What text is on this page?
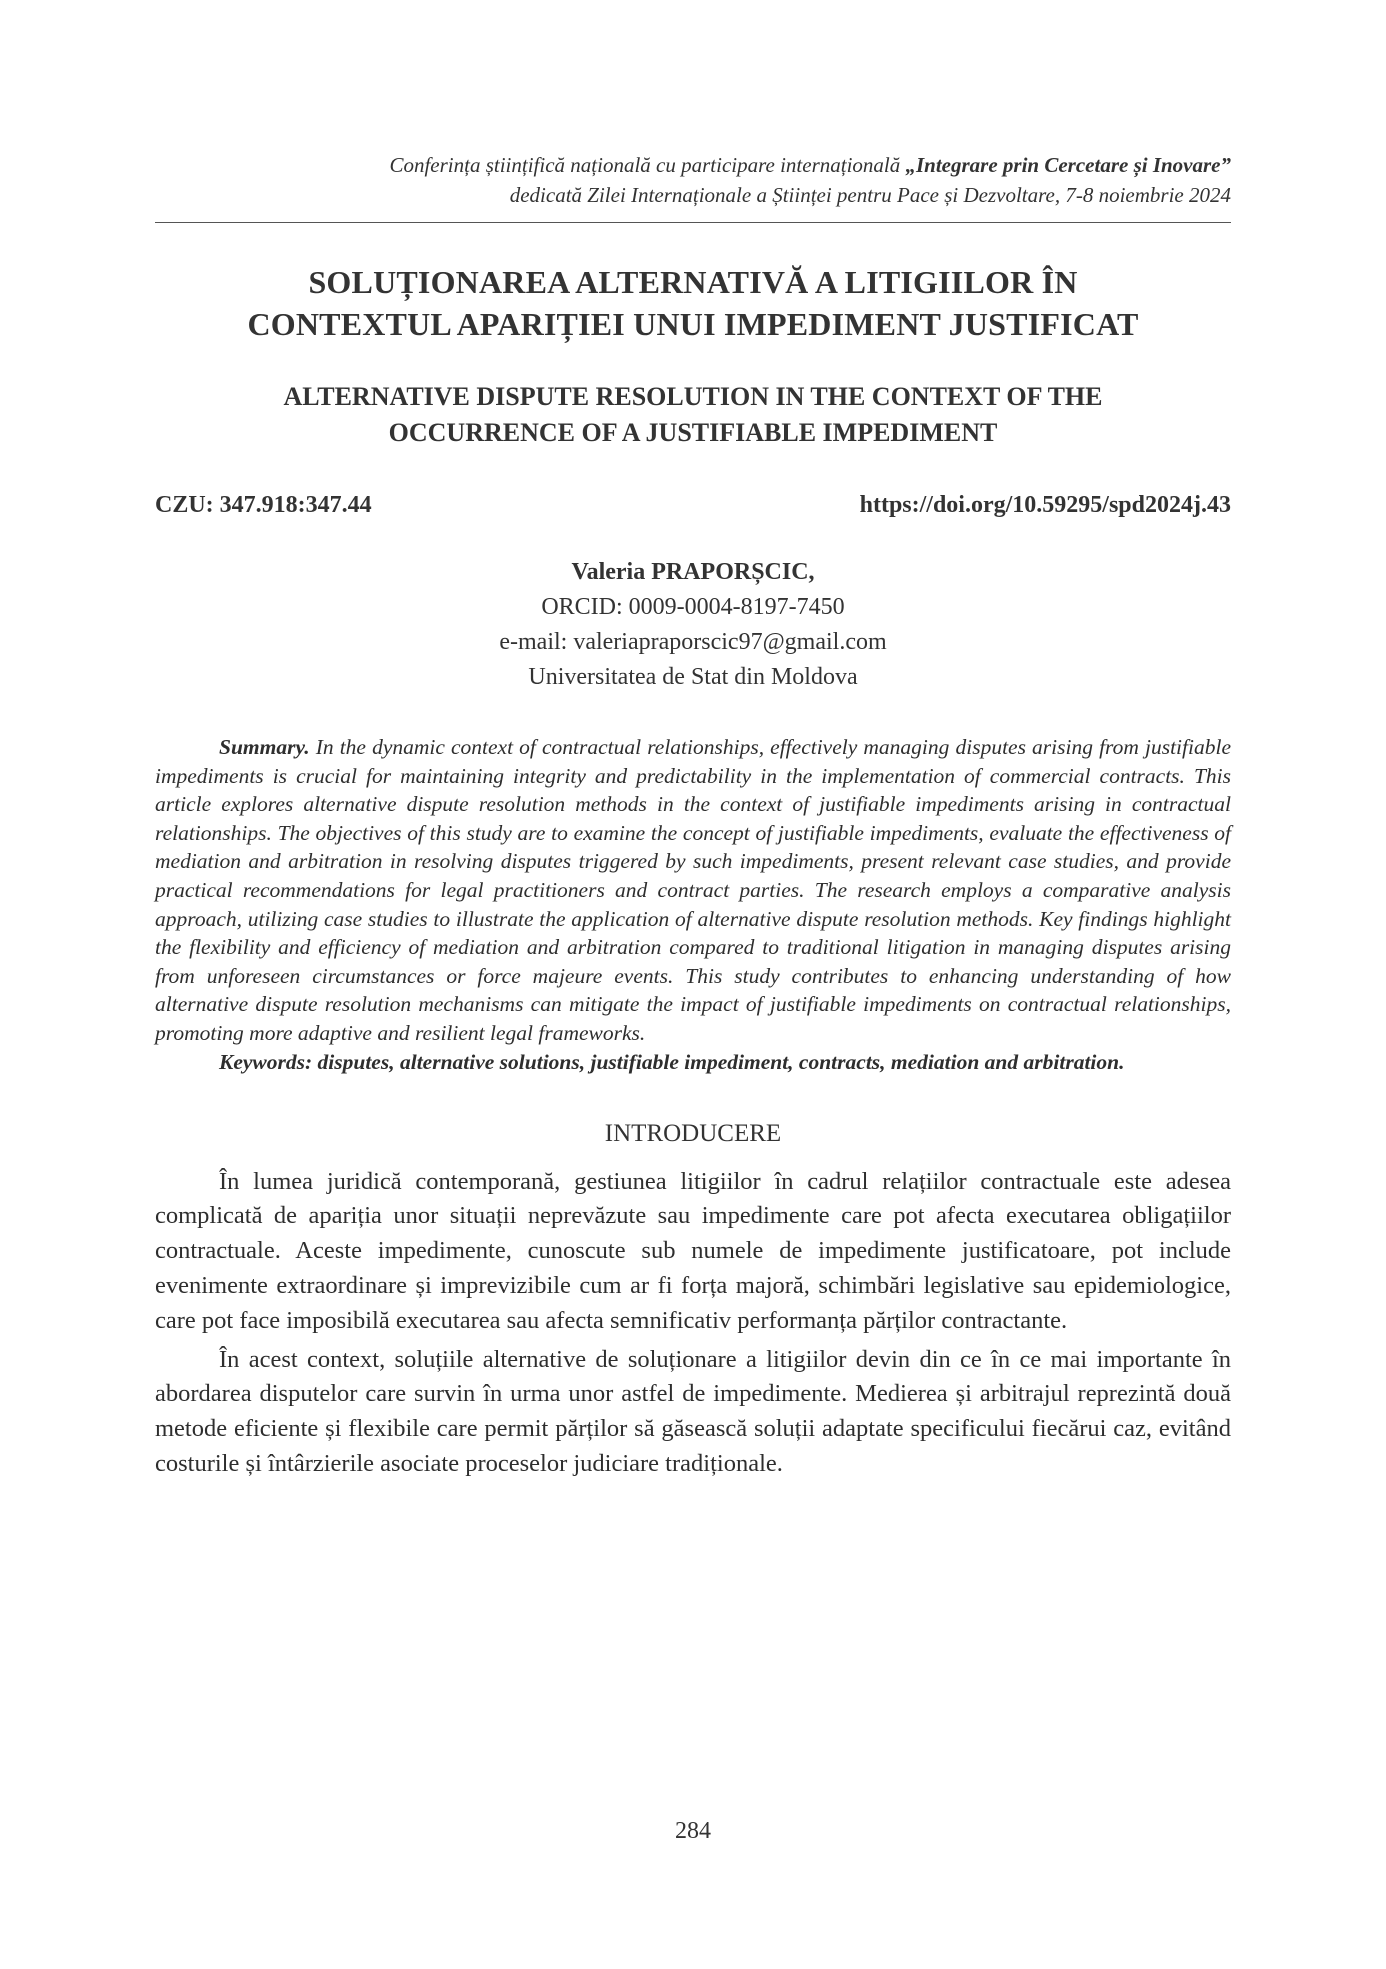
Conferința științifică națională cu participare internațională „Integrare prin Cercetare și Inovare”
dedicată Zilei Internaționale a Științei pentru Pace și Dezvoltare, 7-8 noiembrie 2024
SOLUȚIONAREA ALTERNATIVĂ A LITIGIILOR ÎN
CONTEXTUL APARIȚIEI UNUI IMPEDIMENT JUSTIFICAT
ALTERNATIVE DISPUTE RESOLUTION IN THE CONTEXT OF THE
OCCURRENCE OF A JUSTIFIABLE IMPEDIMENT
CZU: 347.918:347.44	https://doi.org/10.59295/spd2024j.43
Valeria PRAPORȘCIC,
ORCID: 0009-0004-8197-7450
e-mail: valeriapraporscic97@gmail.com
Universitatea de Stat din Moldova
Summary. In the dynamic context of contractual relationships, effectively managing disputes arising from justifiable impediments is crucial for maintaining integrity and predictability in the implementation of commercial contracts. This article explores alternative dispute resolution methods in the context of justifiable impediments arising in contractual relationships. The objectives of this study are to examine the concept of justifiable impediments, evaluate the effectiveness of mediation and arbitration in resolving disputes triggered by such impediments, present relevant case studies, and provide practical recommendations for legal practitioners and contract parties. The research employs a comparative analysis approach, utilizing case studies to illustrate the application of alternative dispute resolution methods. Key findings highlight the flexibility and efficiency of mediation and arbitration compared to traditional litigation in managing disputes arising from unforeseen circumstances or force majeure events. This study contributes to enhancing understanding of how alternative dispute resolution mechanisms can mitigate the impact of justifiable impediments on contractual relationships, promoting more adaptive and resilient legal frameworks.
Keywords: disputes, alternative solutions, justifiable impediment, contracts, mediation and arbitration.
INTRODUCERE
În lumea juridică contemporană, gestiunea litigiilor în cadrul relațiilor contractuale este adesea complicată de apariția unor situații neprevăzute sau impedimente care pot afecta executarea obligațiilor contractuale. Aceste impedimente, cunoscute sub numele de impedimente justificatoare, pot include evenimente extraordinare și imprevizibile cum ar fi forța majoră, schimbări legislative sau epidemiologice, care pot face imposibilă executarea sau afecta semnificativ performanța părților contractante.
În acest context, soluțiile alternative de soluționare a litigiilor devin din ce în ce mai importante în abordarea disputelor care survin în urma unor astfel de impedimente. Medierea și arbitrajul reprezintă două metode eficiente și flexibile care permit părților să găsească soluții adaptate specificului fiecărui caz, evitând costurile și întârzierile asociate proceselor judiciare tradiționale.
284
